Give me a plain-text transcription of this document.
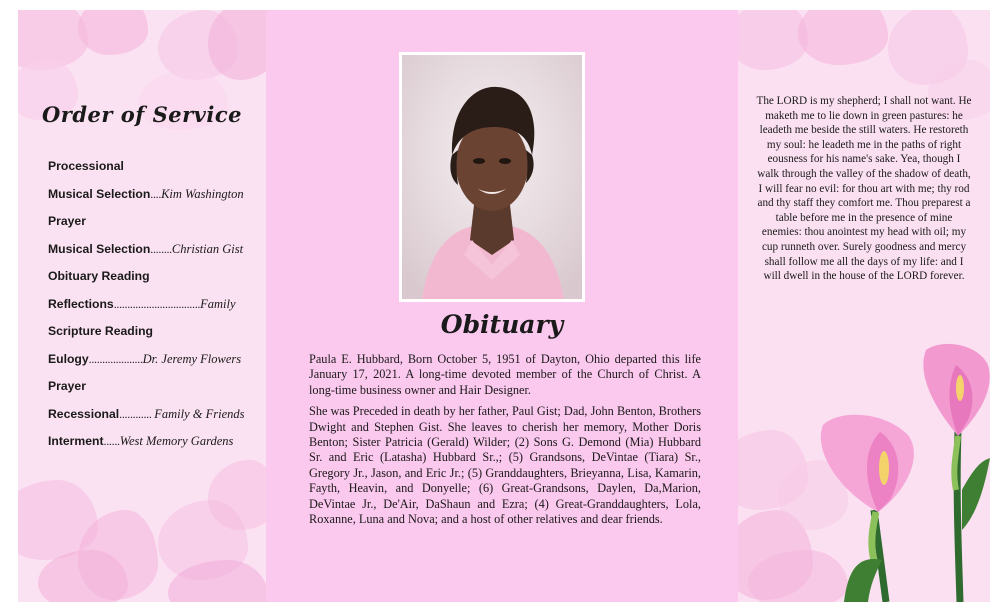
Order of Service
Processional
Musical Selection....Kim Washington
Prayer
Musical Selection........Christian Gist
Obituary Reading
Reflections................................Family
Scripture Reading
Eulogy....................Dr. Jeremy Flowers
Prayer
Recessional............ Family & Friends
Interment......West Memory Gardens
Obituary

Paula E. Hubbard, Born October 5, 1951 of Dayton, Ohio departed this life January 17, 2021. A long-time devoted member of the Church of Christ. A long-time business owner and Hair Designer.

She was Preceded in death by her father, Paul Gist; Dad, John Benton, Brothers Dwight and Stephen Gist. She leaves to cherish her memory, Mother Doris Benton; Sister Patricia (Gerald) Wilder; (2) Sons G. Demond (Mia) Hubbard Sr. and Eric (Latasha) Hubbard Sr.,; (5) Grandsons, DeVintae (Tiara) Sr., Gregory Jr., Jason, and Eric Jr.; (5) Granddaughters, Brieyanna, Lisa, Kamarin, Fayth, Heavin, and Donyelle; (6) Great-Grandsons, Daylen, Da,Marion, DeVintae Jr., De'Air, DaShaun and Ezra; (4) Great-Granddaughters, Lola, Roxanne, Luna and Nova; and a host of other relatives and dear friends.

The LORD is my shepherd; I shall not want. He maketh me to lie down in green pastures: he leadeth me beside the still waters. He restoreth my soul: he leadeth me in the paths of right eousness for his name's sake. Yea, though I walk through the valley of the shadow of death, I will fear no evil: for thou art with me; thy rod and thy staff they comfort me. Thou preparest a table before me in the presence of mine enemies: thou anointest my head with oil; my cup runneth over. Surely goodness and mercy shall follow me all the days of my life: and I will dwell in the house of the LORD forever.
